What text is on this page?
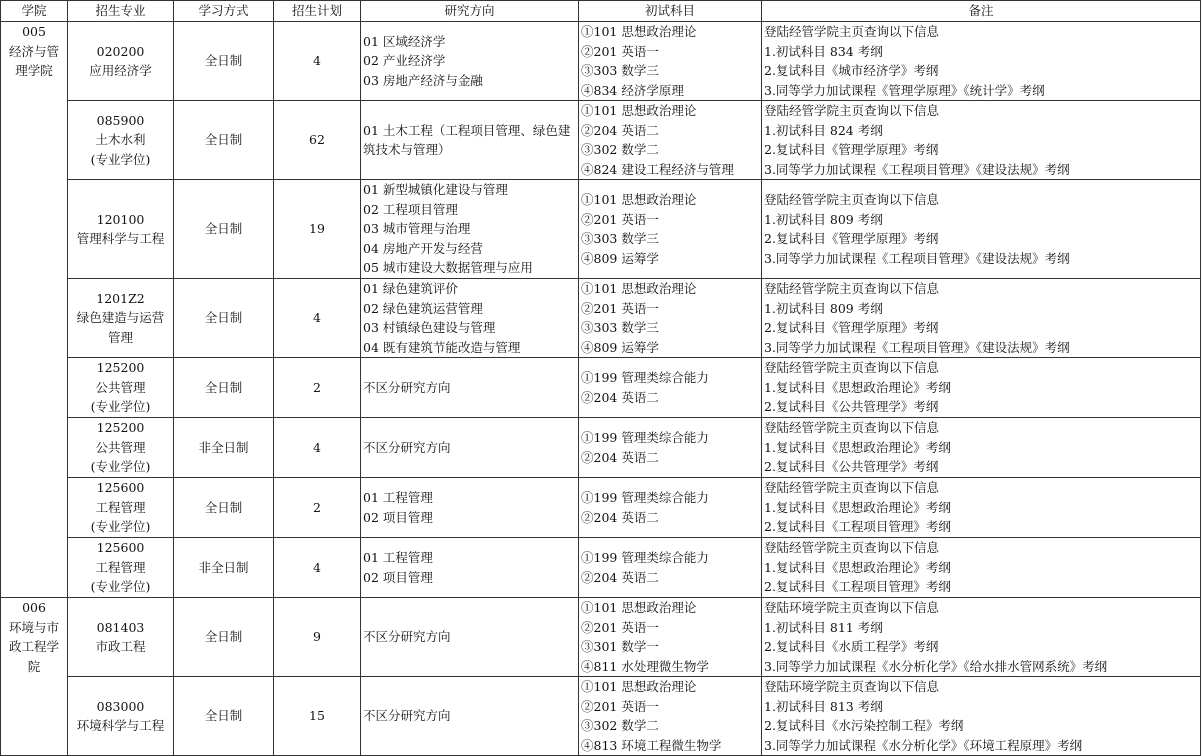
学院	招生专业	学习方式	招生计划	研究方向	初试科目	备注

005
经济与管
理学院	020200
应用经济学	全日制	4	01 区域经济学
02 产业经济学
03 房地产经济与金融	①101 思想政治理论
②201 英语一
③303 数学三
④834 经济学原理	登陆经管学院主页查询以下信息
1.初试科目 834 考纲
2.复试科目《城市经济学》考纲
3.同等学力加试课程《管理学原理》《统计学》考纲

	085900
土木水利
(专业学位)	全日制	62	01 土木工程（工程项目管理、绿色建筑技术与管理）	①101 思想政治理论
②204 英语二
③302 数学二
④824 建设工程经济与管理	登陆经管学院主页查询以下信息
1.初试科目 824 考纲
2.复试科目《管理学原理》考纲
3.同等学力加试课程《工程项目管理》《建设法规》考纲

	120100
管理科学与工程	全日制	19	01 新型城镇化建设与管理
02 工程项目管理
03 城市管理与治理
04 房地产开发与经营
05 城市建设大数据管理与应用	①101 思想政治理论
②201 英语一
③303 数学三
④809 运筹学	登陆经管学院主页查询以下信息
1.初试科目 809 考纲
2.复试科目《管理学原理》考纲
3.同等学力加试课程《工程项目管理》《建设法规》考纲

	1201Z2
绿色建造与运营
管理	全日制	4	01 绿色建筑评价
02 绿色建筑运营管理
03 村镇绿色建设与管理
04 既有建筑节能改造与管理	①101 思想政治理论
②201 英语一
③303 数学三
④809 运筹学	登陆经管学院主页查询以下信息
1.初试科目 809 考纲
2.复试科目《管理学原理》考纲
3.同等学力加试课程《工程项目管理》《建设法规》考纲

	125200
公共管理
(专业学位)	全日制	2	不区分研究方向	①199 管理类综合能力
②204 英语二	登陆经管学院主页查询以下信息
1.复试科目《思想政治理论》考纲
2.复试科目《公共管理学》考纲

	125200
公共管理
(专业学位)	非全日制	4	不区分研究方向	①199 管理类综合能力
②204 英语二	登陆经管学院主页查询以下信息
1.复试科目《思想政治理论》考纲
2.复试科目《公共管理学》考纲

	125600
工程管理
(专业学位)	全日制	2	01 工程管理
02 项目管理	①199 管理类综合能力
②204 英语二	登陆经管学院主页查询以下信息
1.复试科目《思想政治理论》考纲
2.复试科目《工程项目管理》考纲

	125600
工程管理
(专业学位)	非全日制	4	01 工程管理
02 项目管理	①199 管理类综合能力
②204 英语二	登陆经管学院主页查询以下信息
1.复试科目《思想政治理论》考纲
2.复试科目《工程项目管理》考纲

006
环境与市
政工程学
院	081403
市政工程	全日制	9	不区分研究方向	①101 思想政治理论
②201 英语一
③301 数学一
④811 水处理微生物学	登陆环境学院主页查询以下信息
1.初试科目 811 考纲
2.复试科目《水质工程学》考纲
3.同等学力加试课程《水分析化学》《给水排水管网系统》考纲

	083000
环境科学与工程	全日制	15	不区分研究方向	①101 思想政治理论
②201 英语一
③302 数学二
④813 环境工程微生物学	登陆环境学院主页查询以下信息
1.初试科目 813 考纲
2.复试科目《水污染控制工程》考纲
3.同等学力加试课程《水分析化学》《环境工程原理》考纲
